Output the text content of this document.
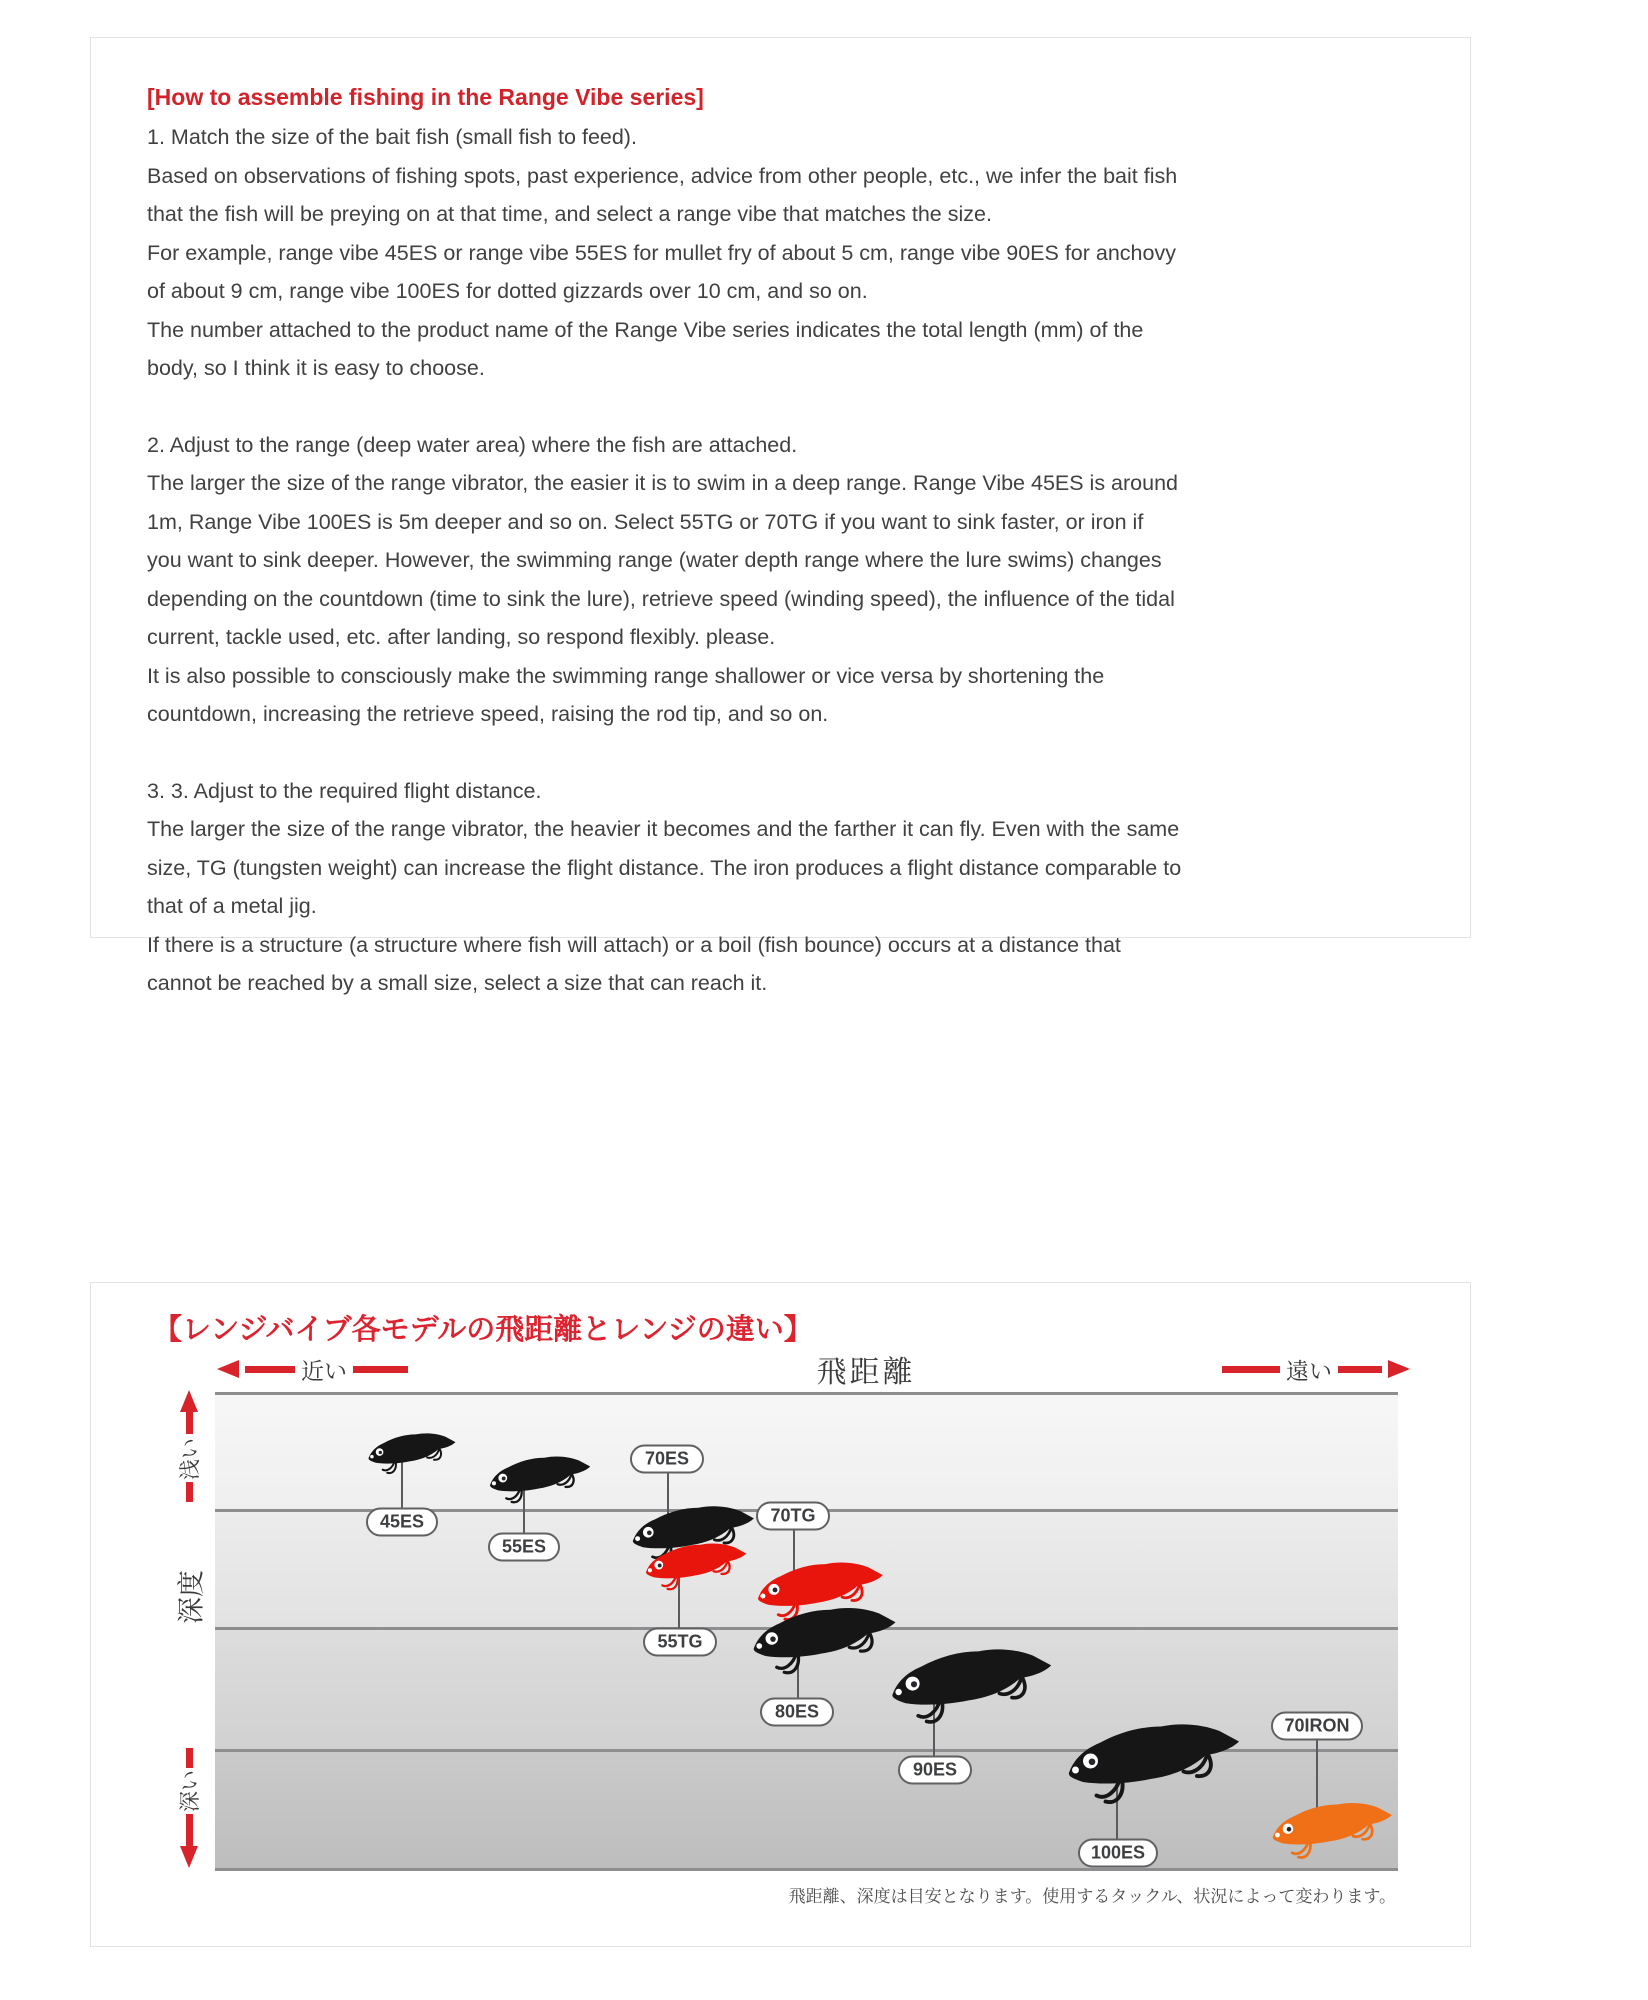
[How to assemble fishing in the Range Vibe series]
1. Match the size of the bait fish (small fish to feed).
Based on observations of fishing spots, past experience, advice from other people, etc., we infer the bait fish that the fish will be preying on at that time, and select a range vibe that matches the size.
For example, range vibe 45ES or range vibe 55ES for mullet fry of about 5 cm, range vibe 90ES for anchovy of about 9 cm, range vibe 100ES for dotted gizzards over 10 cm, and so on.
The number attached to the product name of the Range Vibe series indicates the total length (mm) of the body, so I think it is easy to choose.
2. Adjust to the range (deep water area) where the fish are attached.
The larger the size of the range vibrator, the easier it is to swim in a deep range. Range Vibe 45ES is around 1m, Range Vibe 100ES is 5m deeper and so on. Select 55TG or 70TG if you want to sink faster, or iron if you want to sink deeper. However, the swimming range (water depth range where the lure swims) changes depending on the countdown (time to sink the lure), retrieve speed (winding speed), the influence of the tidal current, tackle used, etc. after landing, so respond flexibly. please.
It is also possible to consciously make the swimming range shallower or vice versa by shortening the countdown, increasing the retrieve speed, raising the rod tip, and so on.
3. 3. Adjust to the required flight distance.
The larger the size of the range vibrator, the heavier it becomes and the farther it can fly. Even with the same size, TG (tungsten weight) can increase the flight distance. The iron produces a flight distance comparable to that of a metal jig.
If there is a structure (a structure where fish will attach) or a boil (fish bounce) occurs at a distance that cannot be reached by a small size, select a size that can reach it.
【レンジバイブ各モデルの飛距離とレンジの違い】
近い	飛距離	遠い
浅い
深度
深い
45ES
55ES
70ES
55TG
70TG
80ES
90ES
100ES
70IRON
飛距離、深度は目安となります。使用するタックル、状況によって変わります。
